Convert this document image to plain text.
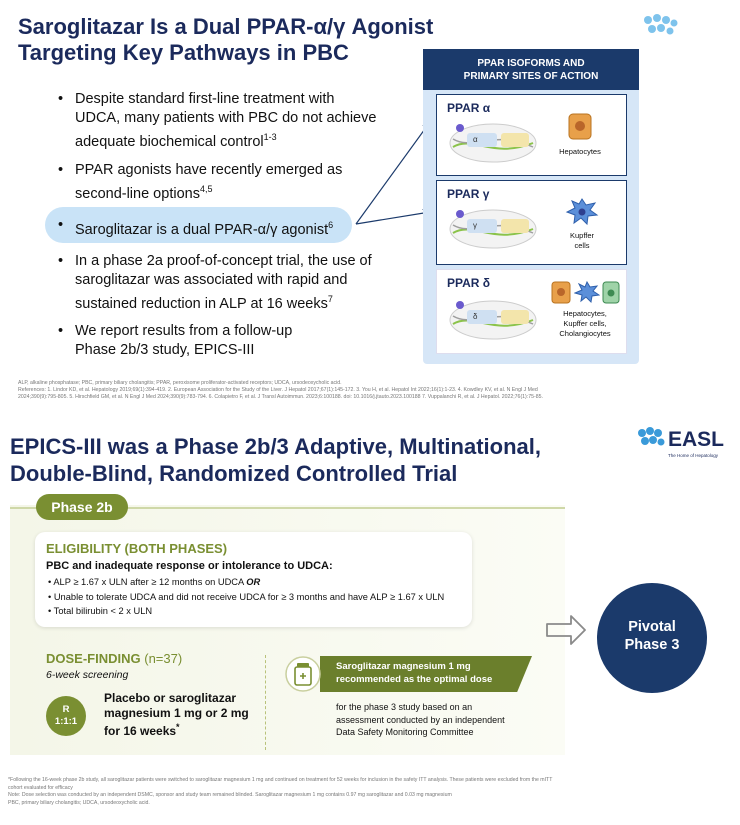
Saroglitazar Is a Dual PPAR-α/γ Agonist
Targeting Key Pathways in PBC
• Despite standard first-line treatment with
UDCA, many patients with PBC do not achieve
adequate biochemical control$^{1-3}$
• PPAR agonists have recently emerged as
second-line options$^{4,5}$
• Saroglitazar is a dual PPAR-α/γ agonist$^6$
• In a phase 2a proof-of-concept trial, the use of
saroglitazar was associated with rapid and
sustained reduction in ALP at 16 weeks$^7$
• We report results from a follow-up
Phase 2b/3 study, EPICS-III
PPAR ISOFORMS AND
PRIMARY SITES OF ACTION
PPAR α
α
Hepatocytes
PPAR γ
γ
Kupffer
cells
PPAR δ
δ	Hepatocytes,
Kupffer cells,
Cholangiocytes
ALP, alkaline phosphatase; PBC, primary biliary cholangitis; PPAR, peroxisome proliferator-activated receptors; UDCA, ursodeoxycholic acid.
References: 1. Lindor KD, et al. Hepatology 2019;69(1):394-419. 2. European Association for the Study of the Liver. J Hepatol 2017;67(1):145-172. 3. You H, et al. Hepatol Int 2022;16(1):1-23. 4. Kowdley KV, et al. N Engl J Med
2024;390(9):795-805. 5. Hirschfield GM, et al. N Engl J Med 2024;390(9):783-794. 6. Colapietro F, et al. J Transl Autoimmun. 2023;6:100188. doi: 10.1016/j.jtauto.2023.100188 7. Vuppalanchi R, et al. J Hepatol. 2022;76(1):75-85.
EPICS-III was a Phase 2b/3 Adaptive, Multinational,
Double-Blind, Randomized Controlled Trial
EASL
The Home of Hepatology
Phase 2b
ELIGIBILITY (BOTH PHASES)
PBC and inadequate response or intolerance to UDCA:
• ALP ≥ 1.67 x ULN after ≥ 12 months on UDCA OR
• Unable to tolerate UDCA and did not receive UDCA for ≥ 3 months and have ALP ≥ 1.67 x ULN
• Total bilirubin < 2 x ULN
DOSE-FINDING (n=37)
6-week screening
R
1:1:1
Placebo or saroglitazar
magnesium 1 mg or 2 mg
for 16 weeks*
Saroglitazar magnesium 1 mg
recommended as the optimal dose
for the phase 3 study based on an
assessment conducted by an independent
Data Safety Monitoring Committee
Pivotal
Phase 3
*Following the 16-week phase 2b study, all saroglitazar patients were switched to saroglitazar magnesium 1 mg and continued on treatment for 52 weeks for inclusion in the safety ITT analysis. These patients were excluded from the mITT
cohort evaluated for efficacy
Note: Dose selection was conducted by an independent DSMC, sponsor and study team remained blinded. Saroglitazar magnesium 1 mg contains 0.97 mg saroglitazar and 0.03 mg magnesium
PBC, primary biliary cholangitis; UDCA, ursodeoxycholic acid.
